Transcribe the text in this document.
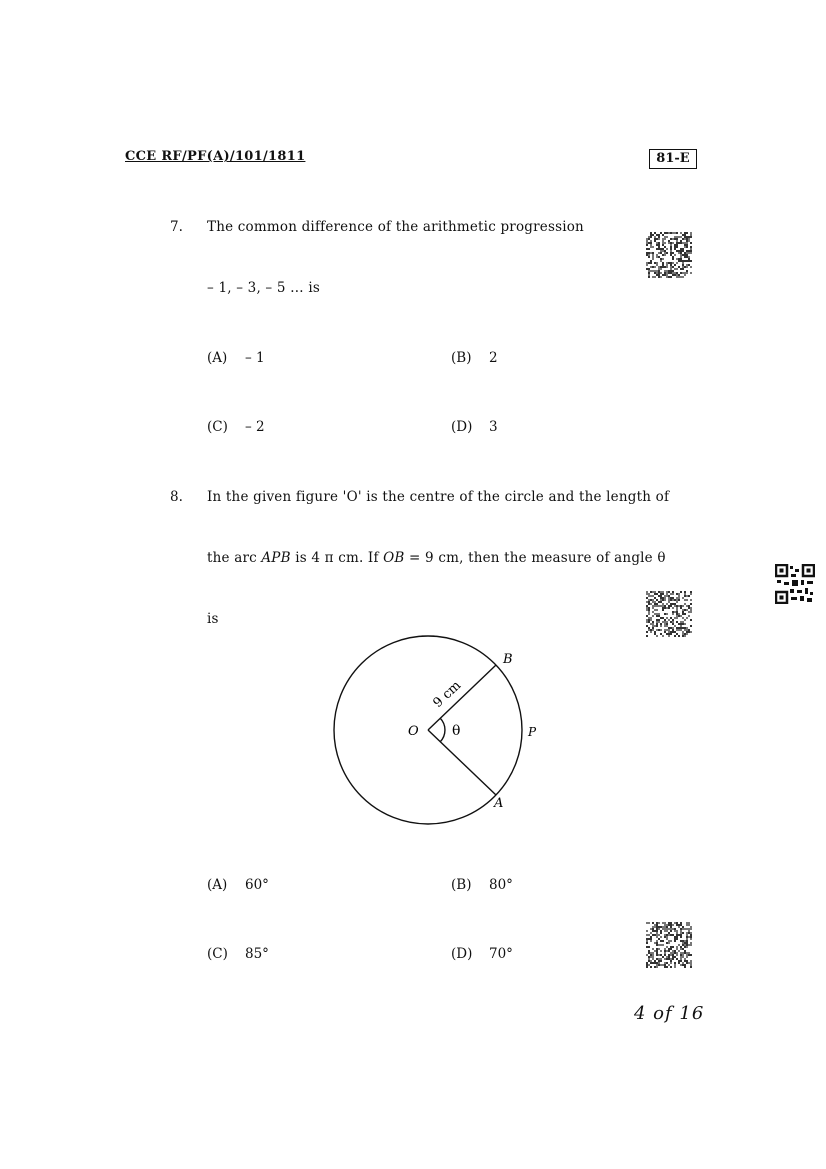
CCE RF/PF(A)/101/1811	81-E
7. The common difference of the arithmetic progression
– 1, – 3, – 5 … is
(A) – 1	(B) 2
(C) – 2	(D) 3
8. In the given figure 'O' is the centre of the circle and the length of
the arc APB is 4 π cm. If OB = 9 cm, then the measure of angle θ
is
O θ
B
A
P
9 cm
(A) 60°	(B) 80°
(C) 85°	(D) 70°
4 of 16
